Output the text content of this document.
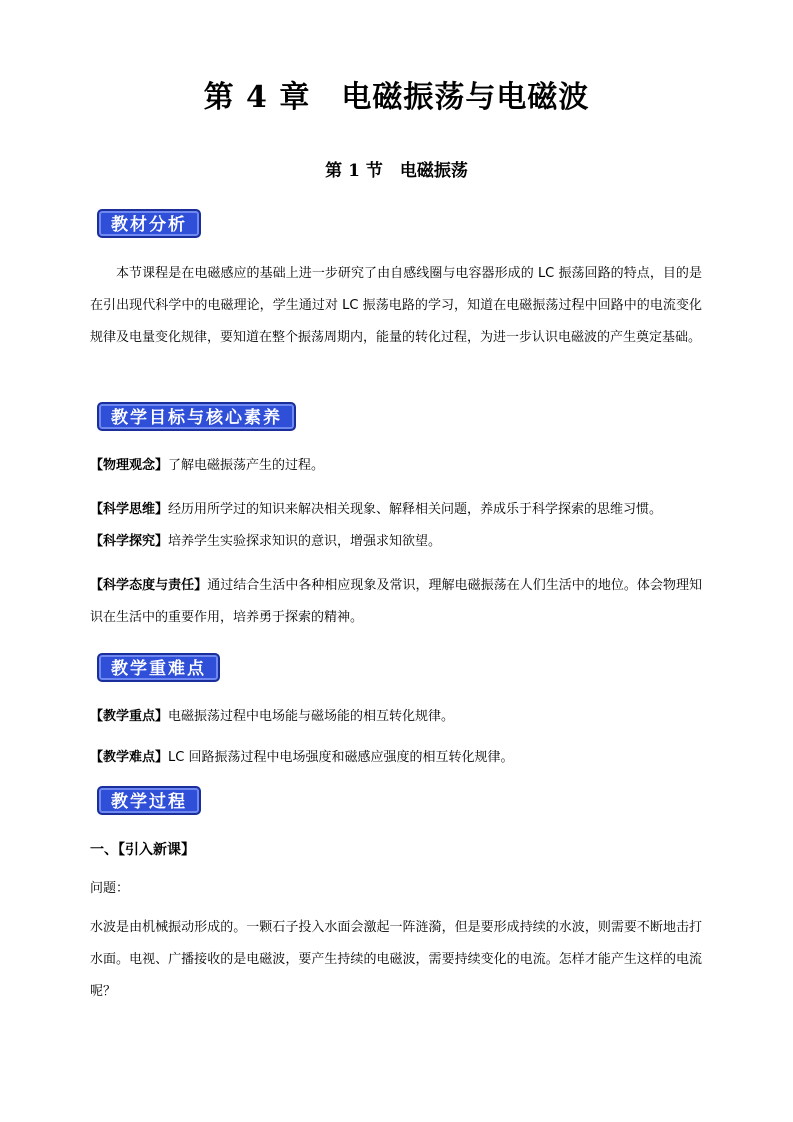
第 4 章　电磁振荡与电磁波
第 1 节　电磁振荡
教材分析
本节课程是在电磁感应的基础上进一步研究了由自感线圈与电容器形成的 LC 振荡回路的特点，目的是在引出现代科学中的电磁理论，学生通过对 LC 振荡电路的学习，知道在电磁振荡过程中回路中的电流变化规律及电量变化规律，要知道在整个振荡周期内，能量的转化过程，为进一步认识电磁波的产生奠定基础。
教学目标与核心素养
【物理观念】了解电磁振荡产生的过程。
【科学思维】经历用所学过的知识来解决相关现象、解释相关问题，养成乐于科学探索的思维习惯。
【科学探究】培养学生实验探求知识的意识，增强求知欲望。
【科学态度与责任】通过结合生活中各种相应现象及常识，理解电磁振荡在人们生活中的地位。体会物理知识在生活中的重要作用，培养勇于探索的精神。
教学重难点
【教学重点】电磁振荡过程中电场能与磁场能的相互转化规律。
【教学难点】LC 回路振荡过程中电场强度和磁感应强度的相互转化规律。
教学过程
一、【引入新课】
问题：
水波是由机械振动形成的。一颗石子投入水面会激起一阵涟漪，但是要形成持续的水波，则需要不断地击打水面。电视、广播接收的是电磁波，要产生持续的电磁波，需要持续变化的电流。怎样才能产生这样的电流呢？
